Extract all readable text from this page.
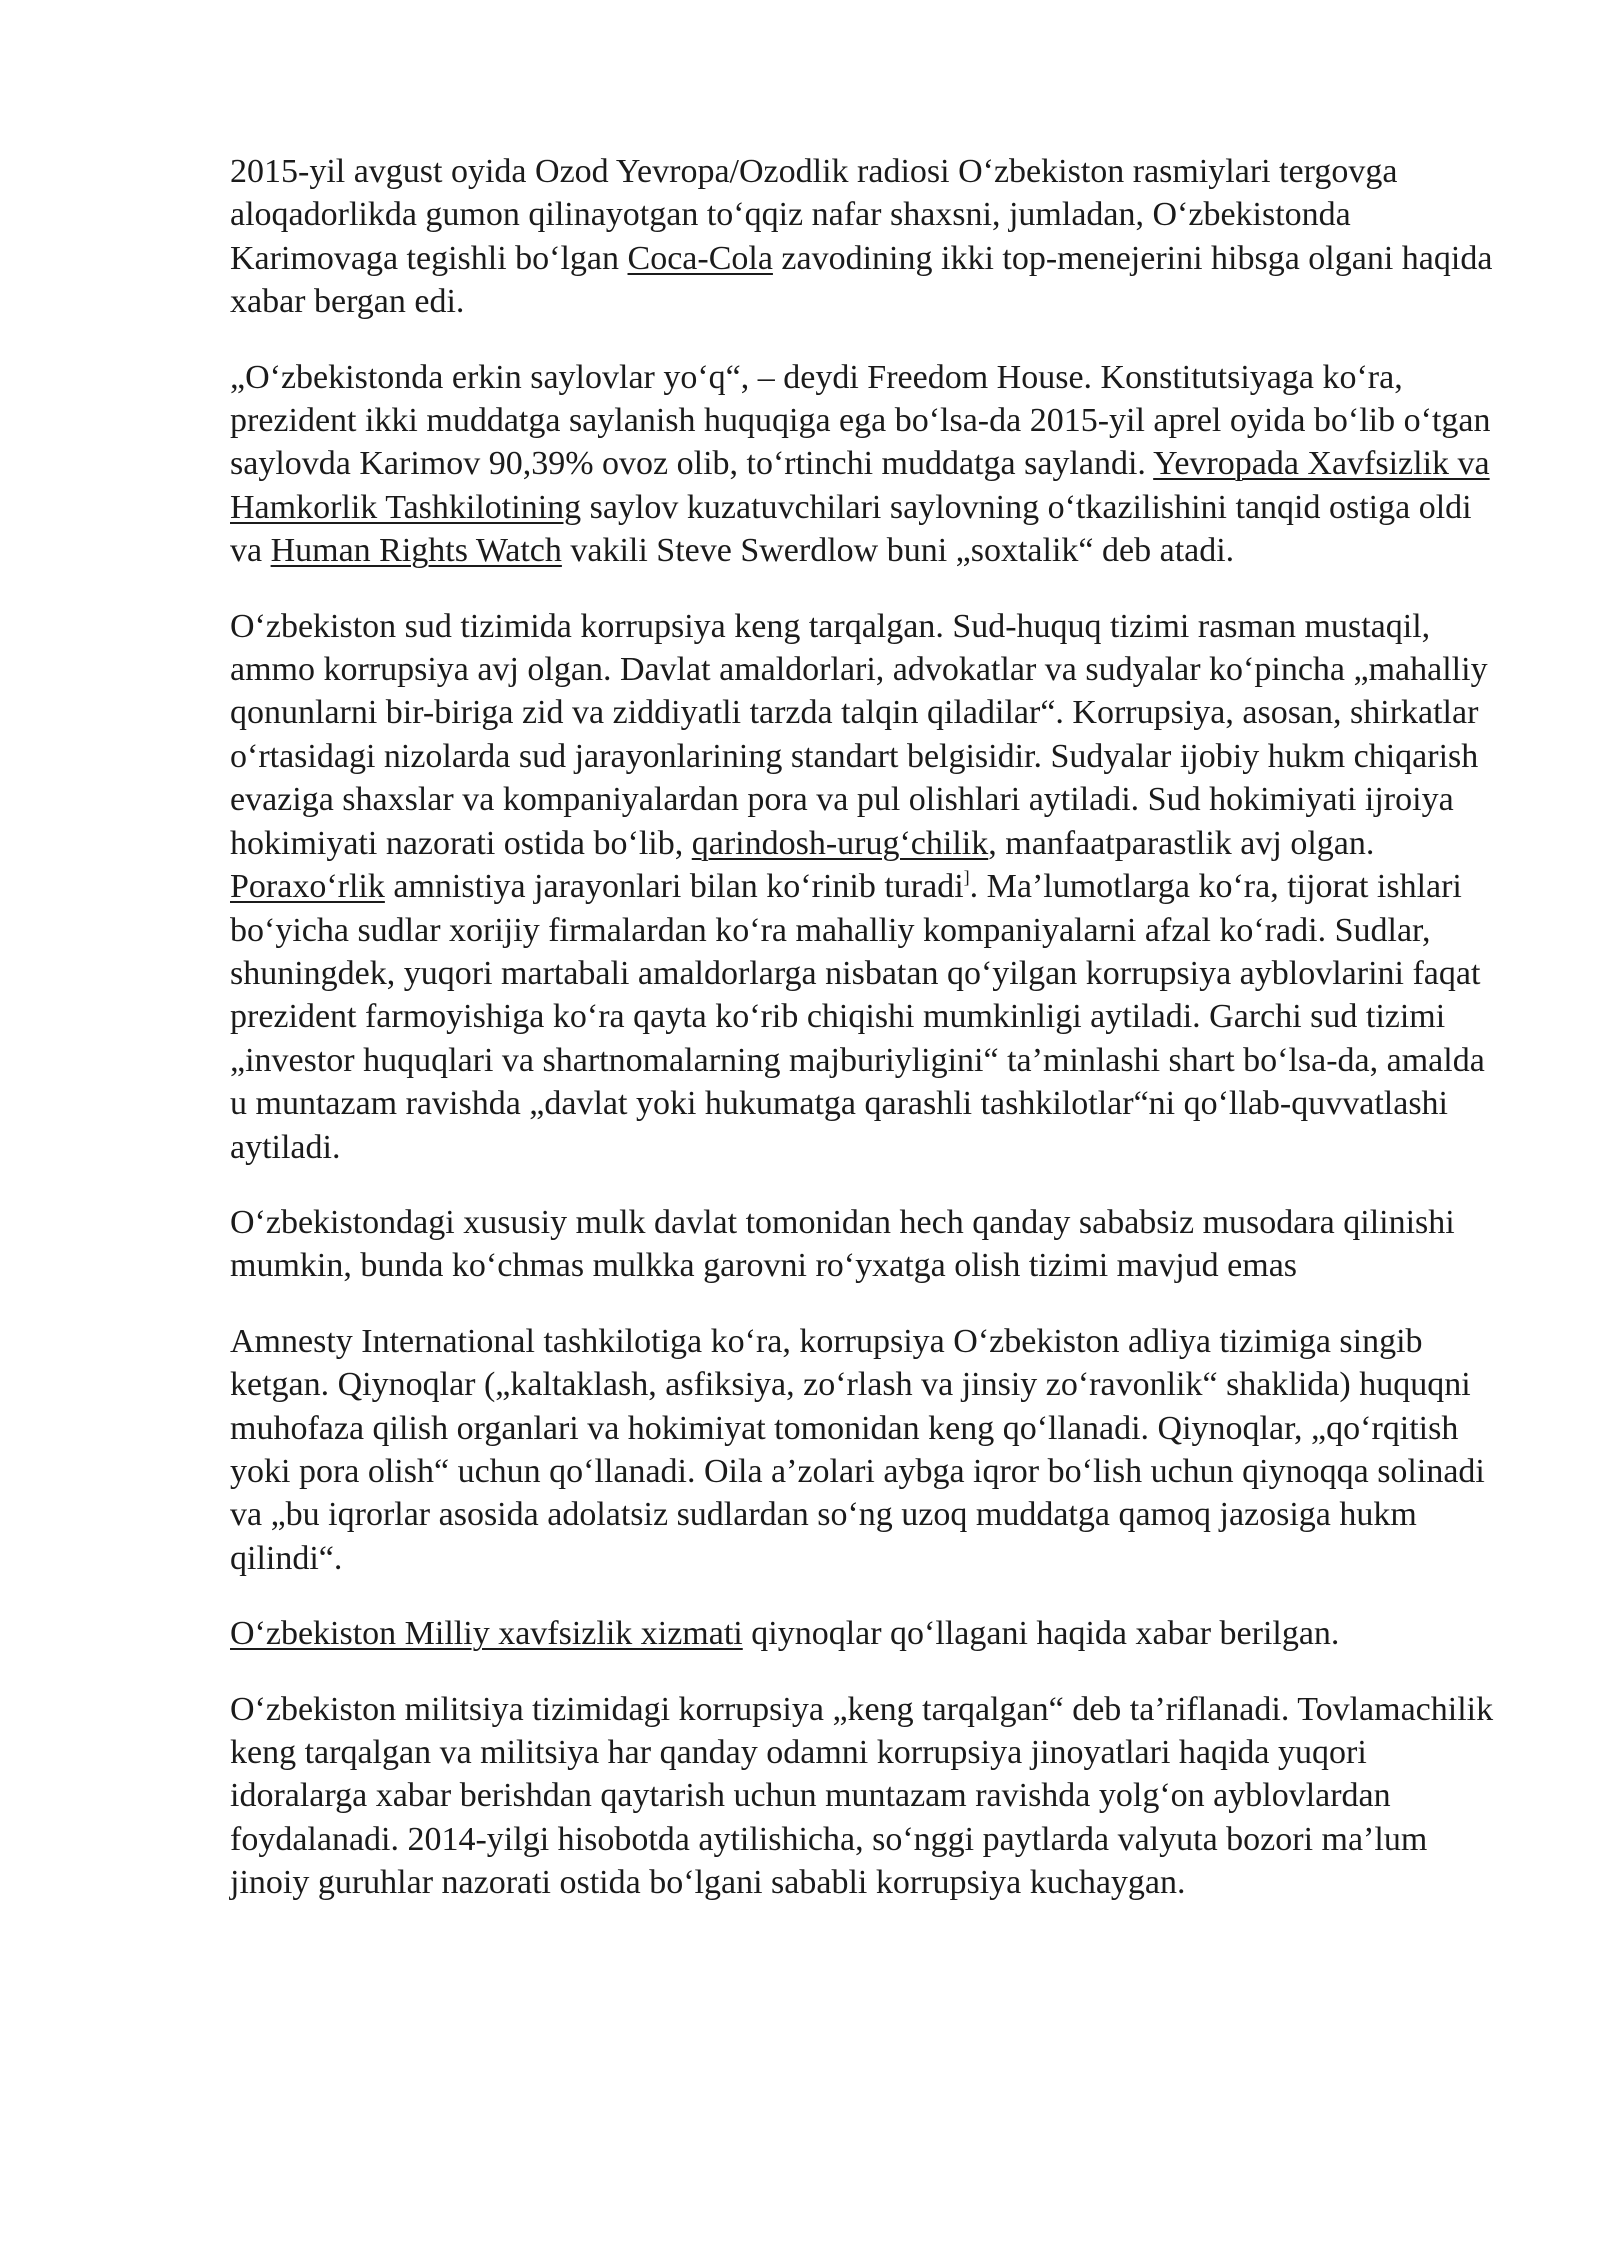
2015-yil avgust oyida Ozod Yevropa/Ozodlik radiosi O‘zbekiston rasmiylari tergovga aloqadorlikda gumon qilinayotgan to‘qqiz nafar shaxsni, jumladan, O‘zbekistonda Karimovaga tegishli bo‘lgan Coca-Cola zavodining ikki top-menejerini hibsga olgani haqida xabar bergan edi.

„O‘zbekistonda erkin saylovlar yo‘q“, – deydi Freedom House. Konstitutsiyaga ko‘ra, prezident ikki muddatga saylanish huquqiga ega bo‘lsa-da 2015-yil aprel oyida bo‘lib o‘tgan saylovda Karimov 90,39% ovoz olib, to‘rtinchi muddatga saylandi. Yevropada Xavfsizlik va Hamkorlik Tashkilotining saylov kuzatuvchilari saylovning o‘tkazilishini tanqid ostiga oldi va Human Rights Watch vakili Steve Swerdlow buni „soxtalik“ deb atadi.

O‘zbekiston sud tizimida korrupsiya keng tarqalgan. Sud-huquq tizimi rasman mustaqil, ammo korrupsiya avj olgan. Davlat amaldorlari, advokatlar va sudyalar ko‘pincha „mahalliy qonunlarni bir-biriga zid va ziddiyatli tarzda talqin qiladilar“. Korrupsiya, asosan, shirkatlar o‘rtasidagi nizolarda sud jarayonlarining standart belgisidir. Sudyalar ijobiy hukm chiqarish evaziga shaxslar va kompaniyalardan pora va pul olishlari aytiladi. Sud hokimiyati ijroiya hokimiyati nazorati ostida bo‘lib, qarindosh-urug‘chilik, manfaatparastlik avj olgan. Poraxo‘rlik amnistiya jarayonlari bilan ko‘rinib turadi]. Ma’lumotlarga ko‘ra, tijorat ishlari bo‘yicha sudlar xorijiy firmalardan ko‘ra mahalliy kompaniyalarni afzal ko‘radi. Sudlar, shuningdek, yuqori martabali amaldorlarga nisbatan qo‘yilgan korrupsiya ayblovlarini faqat prezident farmoyishiga ko‘ra qayta ko‘rib chiqishi mumkinligi aytiladi. Garchi sud tizimi „investor huquqlari va shartnomalarning majburiyligini“ ta’minlashi shart bo‘lsa-da, amalda u muntazam ravishda „davlat yoki hukumatga qarashli tashkilotlar“ni qo‘llab-quvvatlashi aytiladi.

O‘zbekistondagi xususiy mulk davlat tomonidan hech qanday sababsiz musodara qilinishi mumkin, bunda ko‘chmas mulkka garovni ro‘yxatga olish tizimi mavjud emas

Amnesty International tashkilotiga ko‘ra, korrupsiya O‘zbekiston adliya tizimiga singib ketgan. Qiynoqlar („kaltaklash, asfiksiya, zo‘rlash va jinsiy zo‘ravonlik“ shaklida) huquqni muhofaza qilish organlari va hokimiyat tomonidan keng qo‘llanadi. Qiynoqlar, „qo‘rqitish yoki pora olish“ uchun qo‘llanadi. Oila a’zolari aybga iqror bo‘lish uchun qiynoqqa solinadi va „bu iqrorlar asosida adolatsiz sudlardan so‘ng uzoq muddatga qamoq jazosiga hukm qilindi“.

O‘zbekiston Milliy xavfsizlik xizmati qiynoqlar qo‘llagani haqida xabar berilgan.

O‘zbekiston militsiya tizimidagi korrupsiya „keng tarqalgan“ deb ta’riflanadi. Tovlamachilik keng tarqalgan va militsiya har qanday odamni korrupsiya jinoyatlari haqida yuqori idoralarga xabar berishdan qaytarish uchun muntazam ravishda yolg‘on ayblovlardan foydalanadi. 2014-yilgi hisobotda aytilishicha, so‘nggi paytlarda valyuta bozori ma’lum jinoiy guruhlar nazorati ostida bo‘lgani sababli korrupsiya kuchaygan.
